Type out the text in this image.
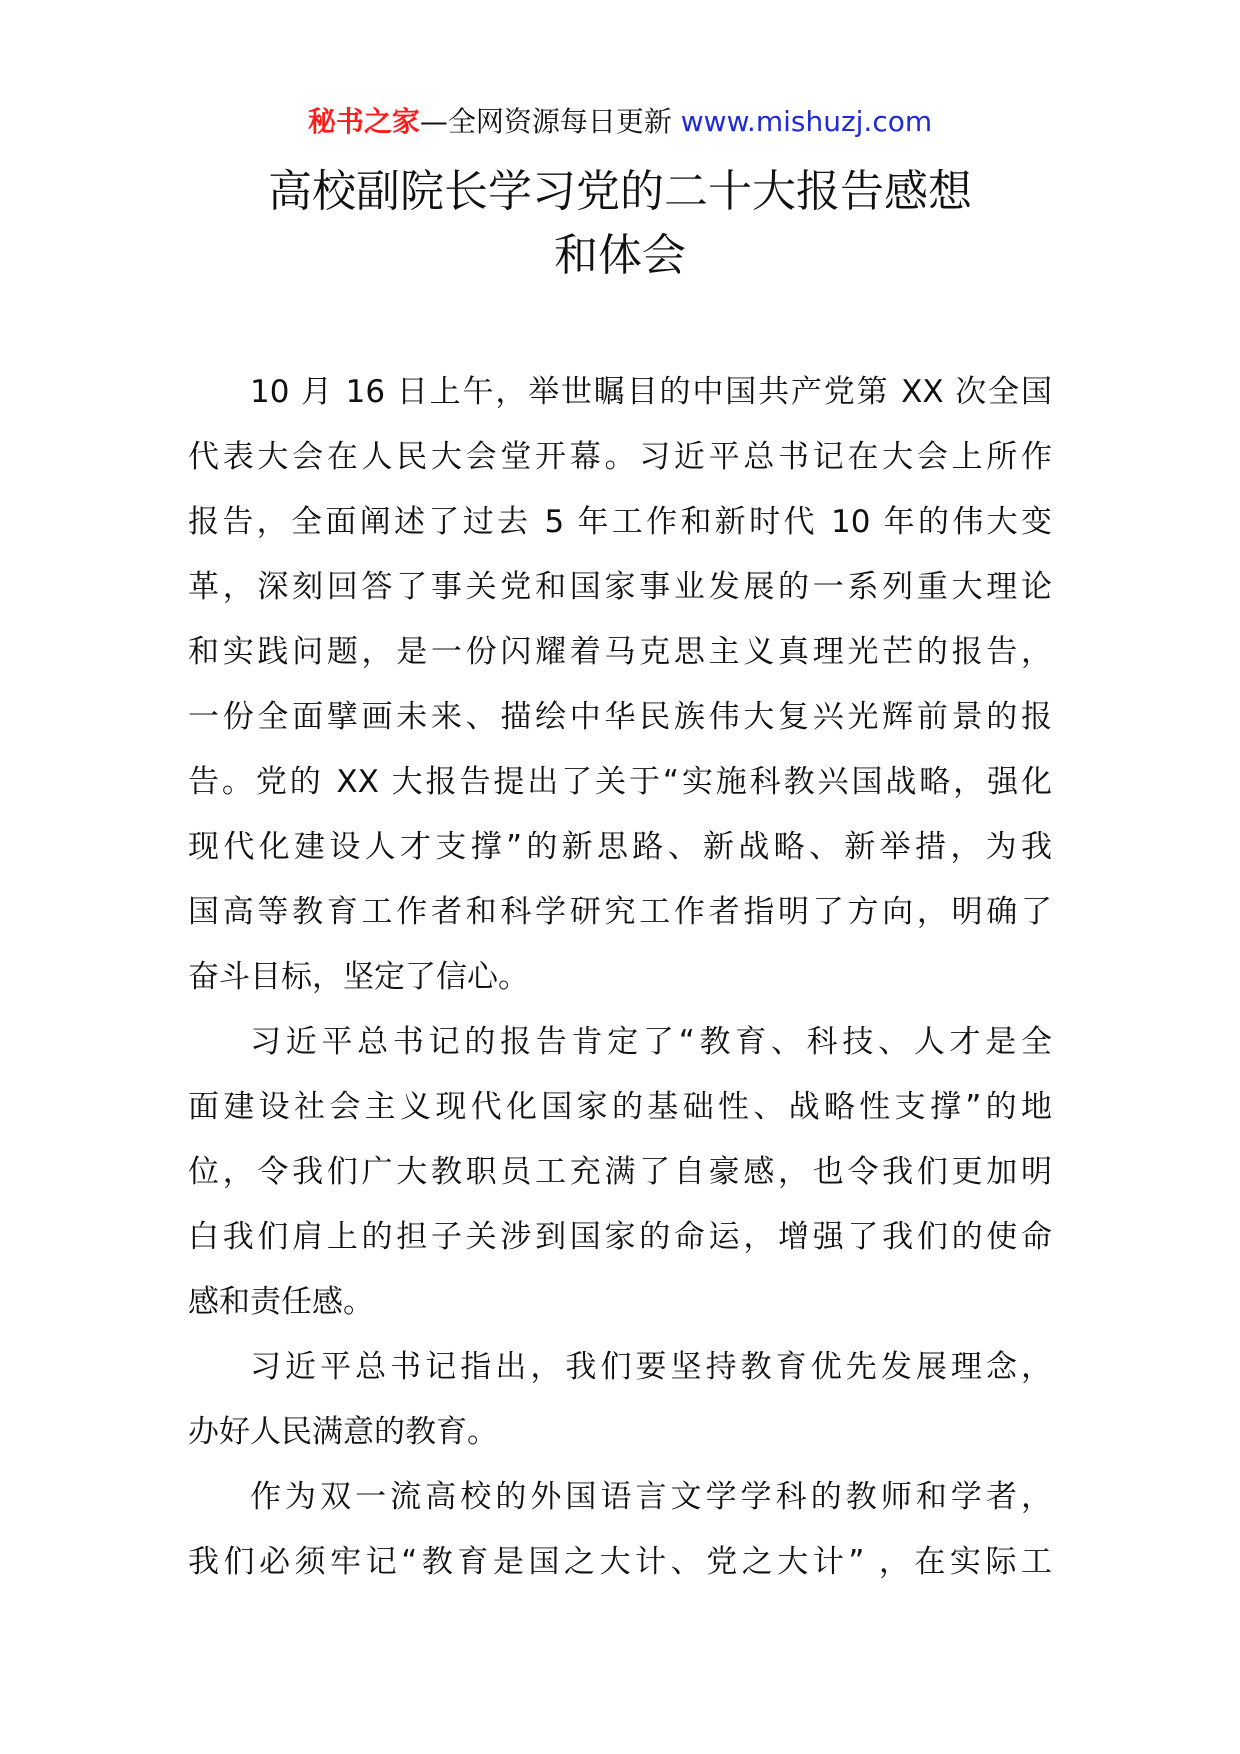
秘书之家—全网资源每日更新 www.mishuzj.com
高校副院长学习党的二十大报告感想
和体会

10 月 16 日上午，举世瞩目的中国共产党第 XX 次全国
代表大会在人民大会堂开幕。习近平总书记在大会上所作
报告，全面阐述了过去 5 年工作和新时代 10 年的伟大变
革，深刻回答了事关党和国家事业发展的一系列重大理论
和实践问题，是一份闪耀着马克思主义真理光芒的报告，
一份全面擘画未来、描绘中华民族伟大复兴光辉前景的报
告。党的 XX 大报告提出了关于“实施科教兴国战略，强化
现代化建设人才支撑”的新思路、新战略、新举措，为我
国高等教育工作者和科学研究工作者指明了方向，明确了
奋斗目标，坚定了信心。

习近平总书记的报告肯定了“教育、科技、人才是全
面建设社会主义现代化国家的基础性、战略性支撑”的地
位，令我们广大教职员工充满了自豪感，也令我们更加明
白我们肩上的担子关涉到国家的命运，增强了我们的使命
感和责任感。

习近平总书记指出，我们要坚持教育优先发展理念，
办好人民满意的教育。

作为双一流高校的外国语言文学学科的教师和学者，
我们必须牢记“教育是国之大计、党之大计” ，在实际工
